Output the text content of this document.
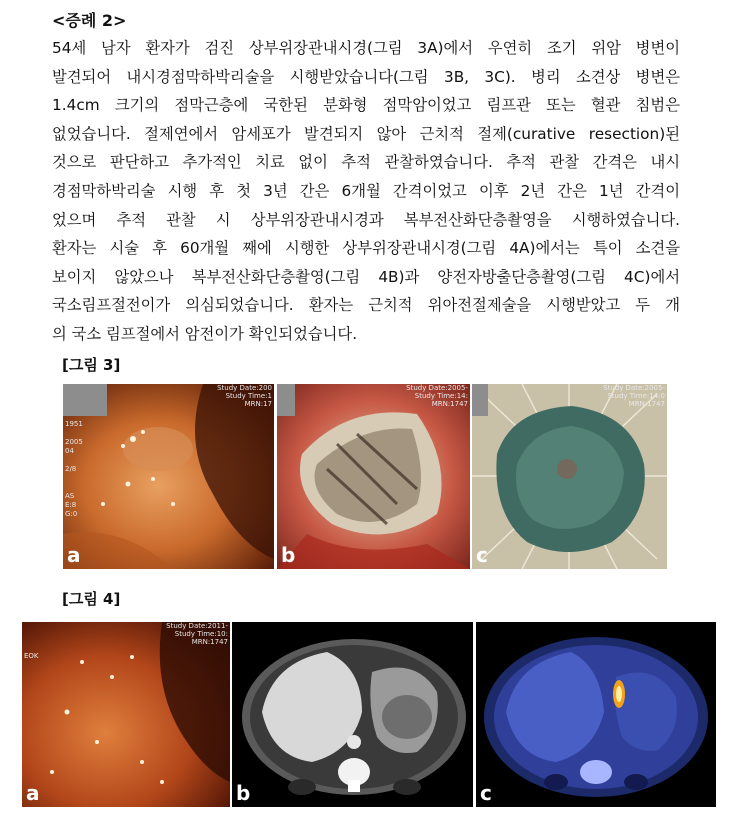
<증례 2>
54세 남자 환자가 검진 상부위장관내시경(그림 3A)에서 우연히 조기 위암 병변이
발견되어 내시경점막하박리술을 시행받았습니다(그림 3B, 3C). 병리 소견상 병변은
1.4cm 크기의 점막근층에 국한된 분화형 점막암이었고 림프관 또는 혈관 침범은
없었습니다. 절제연에서 암세포가 발견되지 않아 근치적 절제(curative resection)된
것으로 판단하고 추가적인 치료 없이 추적 관찰하였습니다. 추적 관찰 간격은 내시
경점막하박리술 시행 후 첫 3년 간은 6개월 간격이었고 이후 2년 간은 1년 간격이
었으며 추적 관찰 시 상부위장관내시경과 복부전산화단층촬영을 시행하였습니다.
환자는 시술 후 60개월 째에 시행한 상부위장관내시경(그림 4A)에서는 특이 소견을
보이지 않았으나 복부전산화단층촬영(그림 4B)과 양전자방출단층촬영(그림 4C)에서
국소림프절전이가 의심되었습니다. 환자는 근치적 위아전절제술을 시행받았고 두 개
의 국소 림프절에서 암전이가 확인되었습니다.
[그림 3]
1951

2005
04

2/8

AS
E:8
G:0
Study Date:200
Study Time:1
MRN:17
a
Study Date:2005-
Study Time:14:
MRN:1747
b
Study Date:2005-
Study Time:14:0
MRN:1747
c
[그림 4]
EOK
Study Date:2011-
Study Time:10:
MRN:1747
a	b	c
